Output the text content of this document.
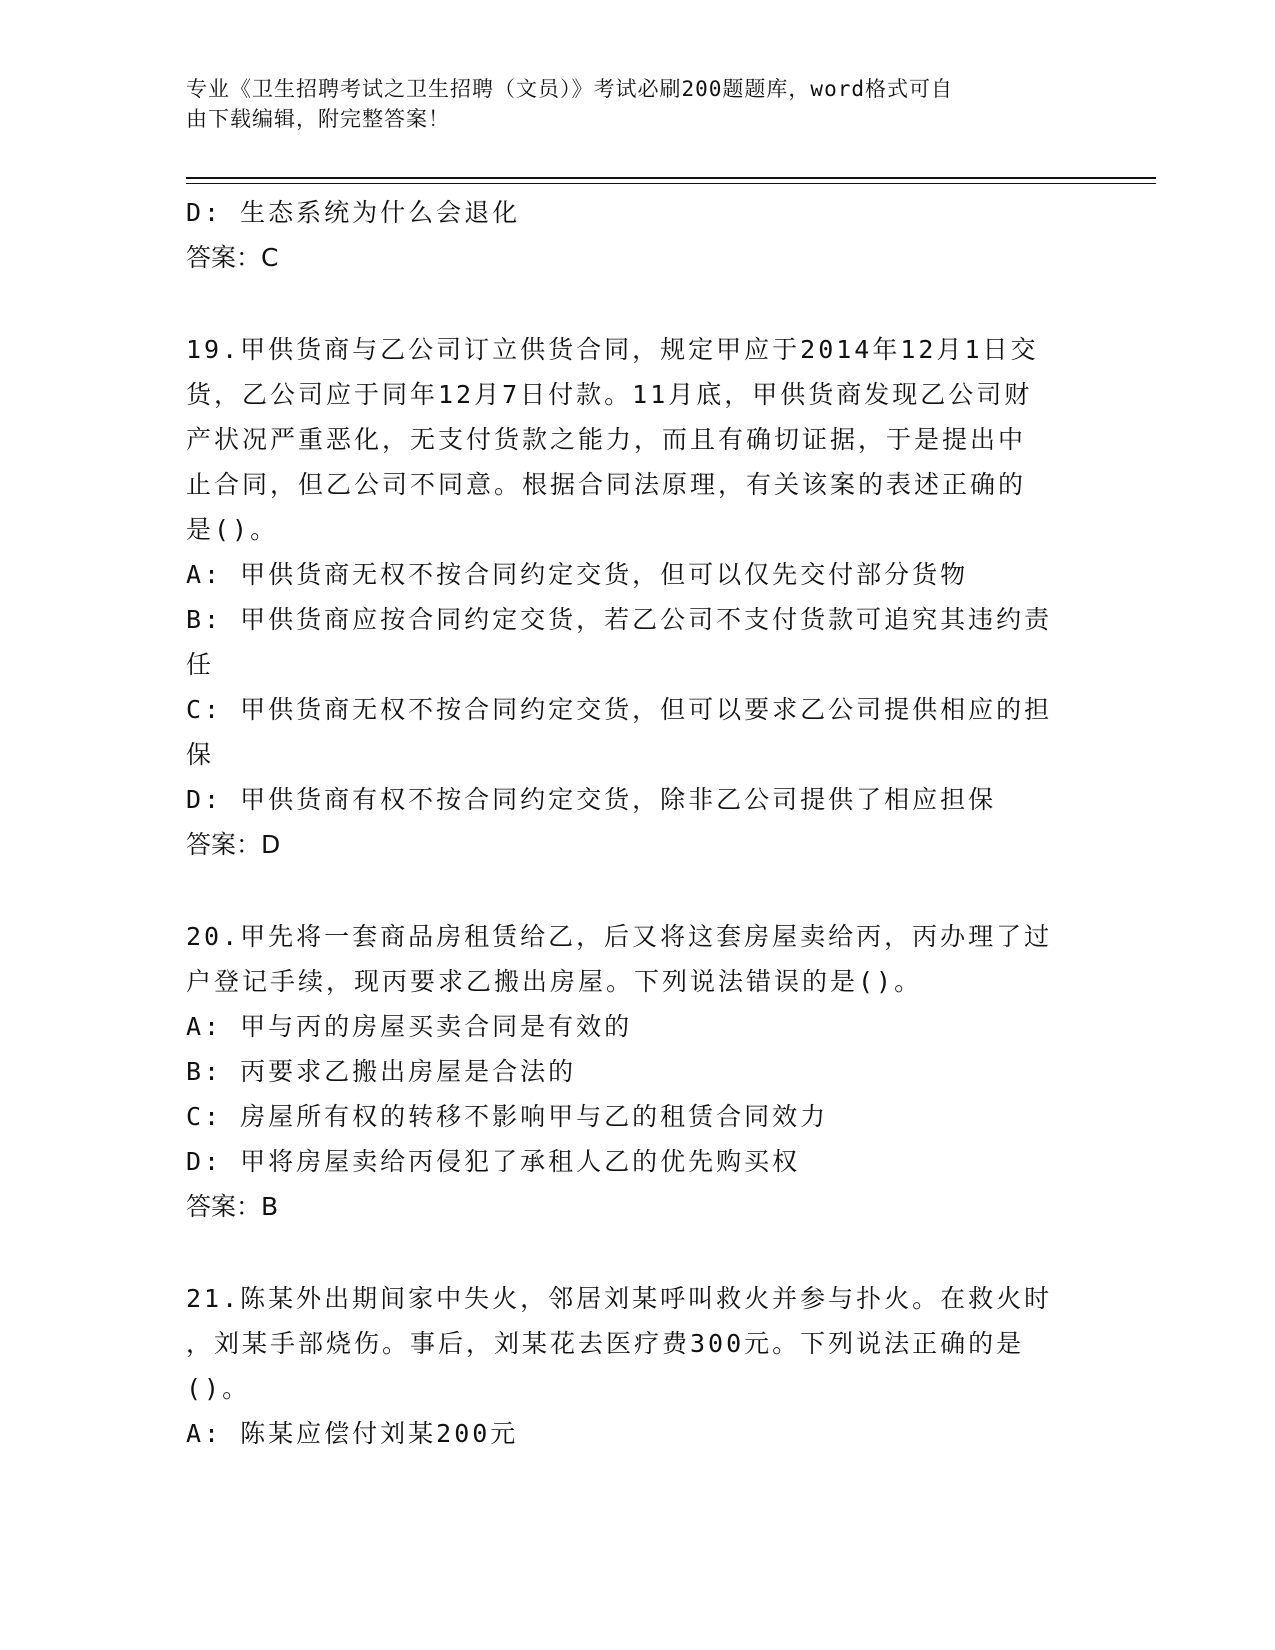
专业《卫生招聘考试之卫生招聘（文员）》考试必刷200题题库，word格式可自
由下载编辑，附完整答案！

D: 生态系统为什么会退化

答案：C

19.甲供货商与乙公司订立供货合同，规定甲应于2014年12月1日交

货，乙公司应于同年12月7日付款。11月底，甲供货商发现乙公司财

产状况严重恶化，无支付货款之能力，而且有确切证据，于是提出中

止合同，但乙公司不同意。根据合同法原理，有关该案的表述正确的

是()。

A: 甲供货商无权不按合同约定交货，但可以仅先交付部分货物

B: 甲供货商应按合同约定交货，若乙公司不支付货款可追究其违约责

任

C: 甲供货商无权不按合同约定交货，但可以要求乙公司提供相应的担

保

D: 甲供货商有权不按合同约定交货，除非乙公司提供了相应担保

答案：D

20.甲先将一套商品房租赁给乙，后又将这套房屋卖给丙，丙办理了过

户登记手续，现丙要求乙搬出房屋。下列说法错误的是()。

A: 甲与丙的房屋买卖合同是有效的

B: 丙要求乙搬出房屋是合法的

C: 房屋所有权的转移不影响甲与乙的租赁合同效力

D: 甲将房屋卖给丙侵犯了承租人乙的优先购买权

答案：B

21.陈某外出期间家中失火，邻居刘某呼叫救火并参与扑火。在救火时

，刘某手部烧伤。事后，刘某花去医疗费300元。下列说法正确的是

()。

A: 陈某应偿付刘某200元
